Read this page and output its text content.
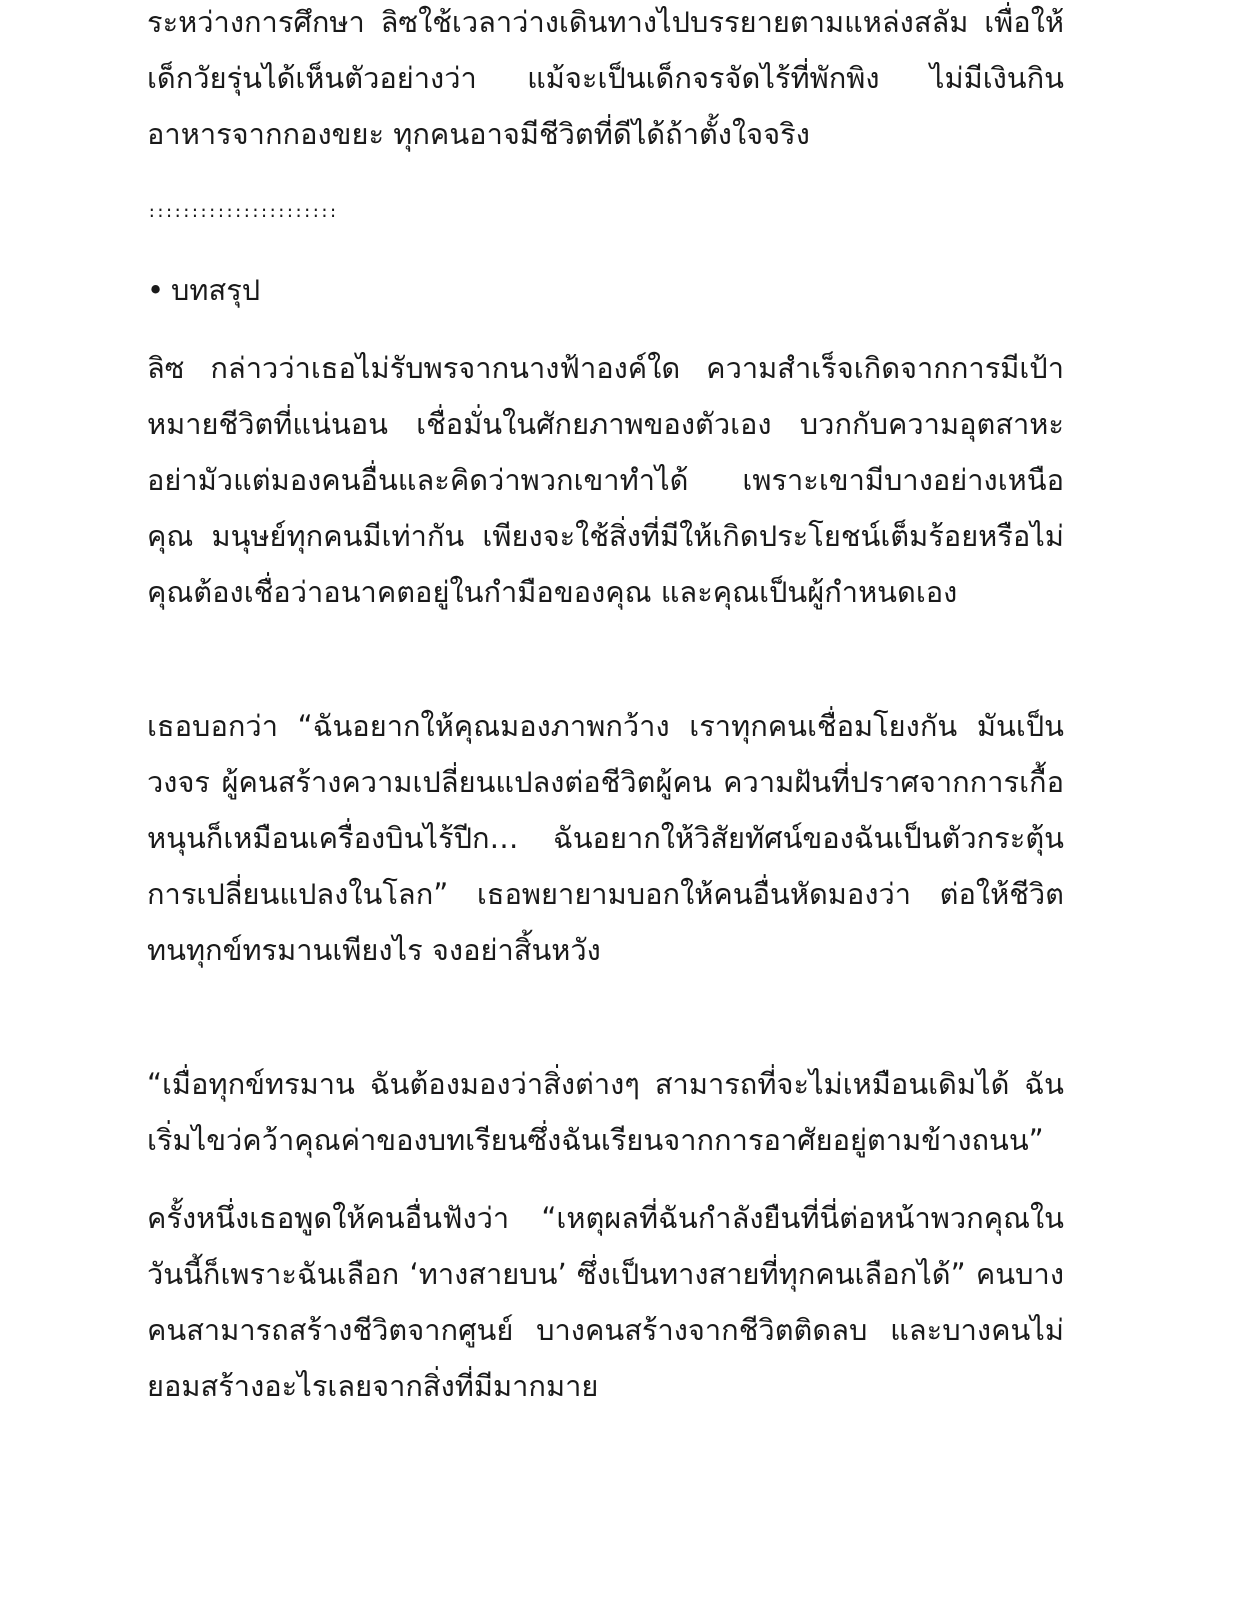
ระหว่างการศึกษา ลิซใช้เวลาว่างเดินทางไปบรรยายตามแหล่งสลัม เพื่อให้เด็กวัยรุ่นได้เห็นตัวอย่างว่า แม้จะเป็นเด็กจรจัดไร้ที่พักพิง ไม่มีเงินกินอาหารจากกองขยะ ทุกคนอาจมีชีวิตที่ดีได้ถ้าตั้งใจจริง

::::::::::::::::::::::

• บทสรุป

ลิซ กล่าวว่าเธอไม่รับพรจากนางฟ้าองค์ใด ความสำเร็จเกิดจากการมีเป้าหมายชีวิตที่แน่นอน เชื่อมั่นในศักยภาพของตัวเอง บวกกับความอุตสาหะ อย่ามัวแต่มองคนอื่นและคิดว่าพวกเขาทำได้ เพราะเขามีบางอย่างเหนือคุณ มนุษย์ทุกคนมีเท่ากัน เพียงจะใช้สิ่งที่มีให้เกิดประโยชน์เต็มร้อยหรือไม่ คุณต้องเชื่อว่าอนาคตอยู่ในกำมือของคุณ และคุณเป็นผู้กำหนดเอง

เธอบอกว่า “ฉันอยากให้คุณมองภาพกว้าง เราทุกคนเชื่อมโยงกัน มันเป็นวงจร ผู้คนสร้างความเปลี่ยนแปลงต่อชีวิตผู้คน ความฝันที่ปราศจากการเกื้อหนุนก็เหมือนเครื่องบินไร้ปีก… ฉันอยากให้วิสัยทัศน์ของฉันเป็นตัวกระตุ้นการเปลี่ยนแปลงในโลก” เธอพยายามบอกให้คนอื่นหัดมองว่า ต่อให้ชีวิตทนทุกข์ทรมานเพียงไร จงอย่าสิ้นหวัง

“เมื่อทุกข์ทรมาน ฉันต้องมองว่าสิ่งต่างๆ สามารถที่จะไม่เหมือนเดิมได้ ฉันเริ่มไขว่คว้าคุณค่าของบทเรียนซึ่งฉันเรียนจากการอาศัยอยู่ตามข้างถนน”

ครั้งหนึ่งเธอพูดให้คนอื่นฟังว่า “เหตุผลที่ฉันกำลังยืนที่นี่ต่อหน้าพวกคุณในวันนี้ก็เพราะฉันเลือก ‘ทางสายบน’ ซึ่งเป็นทางสายที่ทุกคนเลือกได้” คนบางคนสามารถสร้างชีวิตจากศูนย์ บางคนสร้างจากชีวิตติดลบ และบางคนไม่ยอมสร้างอะไรเลยจากสิ่งที่มีมากมาย
